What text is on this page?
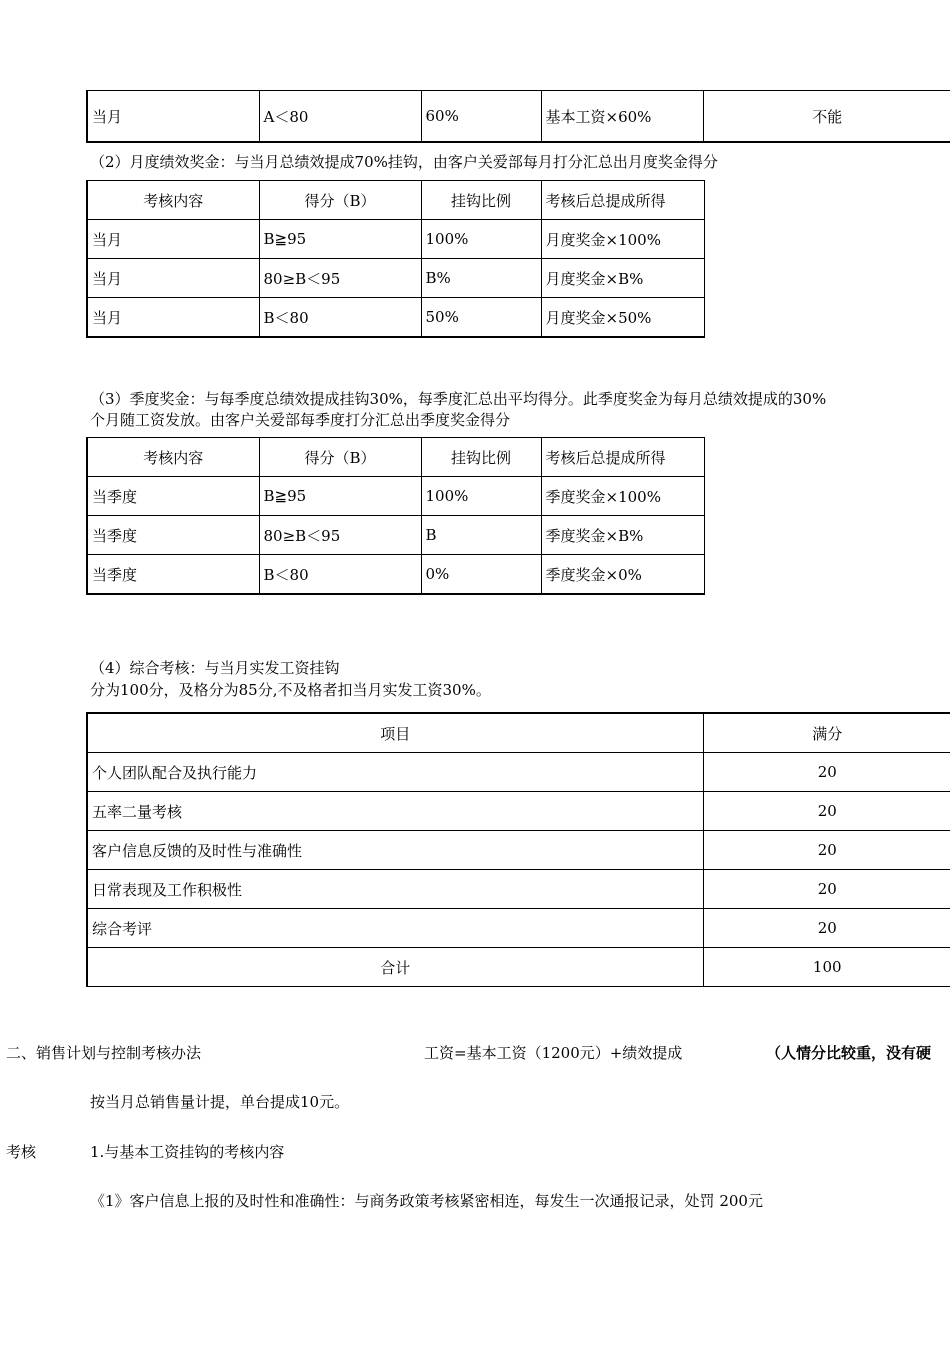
当月	A＜80	60%	基本工资×60%	不能
（2）月度绩效奖金：与当月总绩效提成70%挂钩，由客户关爱部每月打分汇总出月度奖金得分
考核内容	得分（B）	挂钩比例	考核后总提成所得
当月	B≧95	100%	月度奖金×100%
当月	80≥B＜95	B%	月度奖金×B%
当月	B＜80	50%	月度奖金×50%
（3）季度奖金：与每季度总绩效提成挂钩30%，每季度汇总出平均得分。此季度奖金为每月总绩效提成的30%
个月随工资发放。由客户关爱部每季度打分汇总出季度奖金得分
考核内容	得分（B）	挂钩比例	考核后总提成所得
当季度	B≧95	100%	季度奖金×100%
当季度	80≥B＜95	B	季度奖金×B%
当季度	B＜80	0%	季度奖金×0%
（4）综合考核：与当月实发工资挂钩
分为100分，及格分为85分,不及格者扣当月实发工资30%。
项目	满分
个人团队配合及执行能力	20
五率二量考核	20
客户信息反馈的及时性与准确性	20
日常表现及工作积极性	20
综合考评	20
合计	100
二、销售计划与控制考核办法	工资=基本工资（1200元）+绩效提成	（人情分比较重，没有硬
按当月总销售量计提，单台提成10元。
考核	1.与基本工资挂钩的考核内容
《1》客户信息上报的及时性和准确性：与商务政策考核紧密相连，每发生一次通报记录，处罚 200元
